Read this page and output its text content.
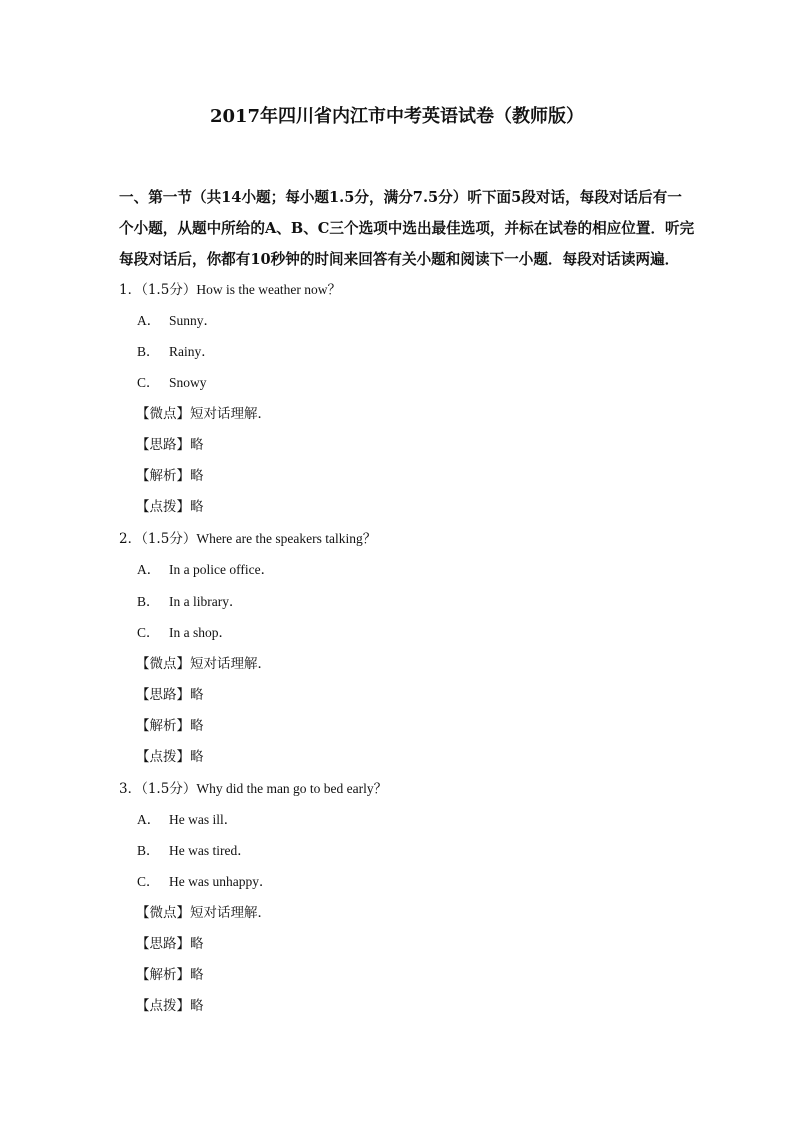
2017年四川省内江市中考英语试卷（教师版）
一、第一节（共14小题；每小题1.5分，满分7.5分）听下面5段对话，每段对话后有一
个小题，从题中所给的A、B、C三个选项中选出最佳选项，并标在试卷的相应位置．听完
每段对话后，你都有10秒钟的时间来回答有关小题和阅读下一小题．每段对话读两遍．
1．（1.5分）How is the weather now？
A． Sunny．
B． Rainy．
C． Snowy
【微点】短对话理解．
【思路】略
【解析】略
【点拨】略
2．（1.5分）Where are the speakers talking？
A． In a police office．
B． In a library．
C． In a shop．
【微点】短对话理解．
【思路】略
【解析】略
【点拨】略
3．（1.5分）Why did the man go to bed early？
A． He was ill．
B． He was tired．
C． He was unhappy．
【微点】短对话理解．
【思路】略
【解析】略
【点拨】略
